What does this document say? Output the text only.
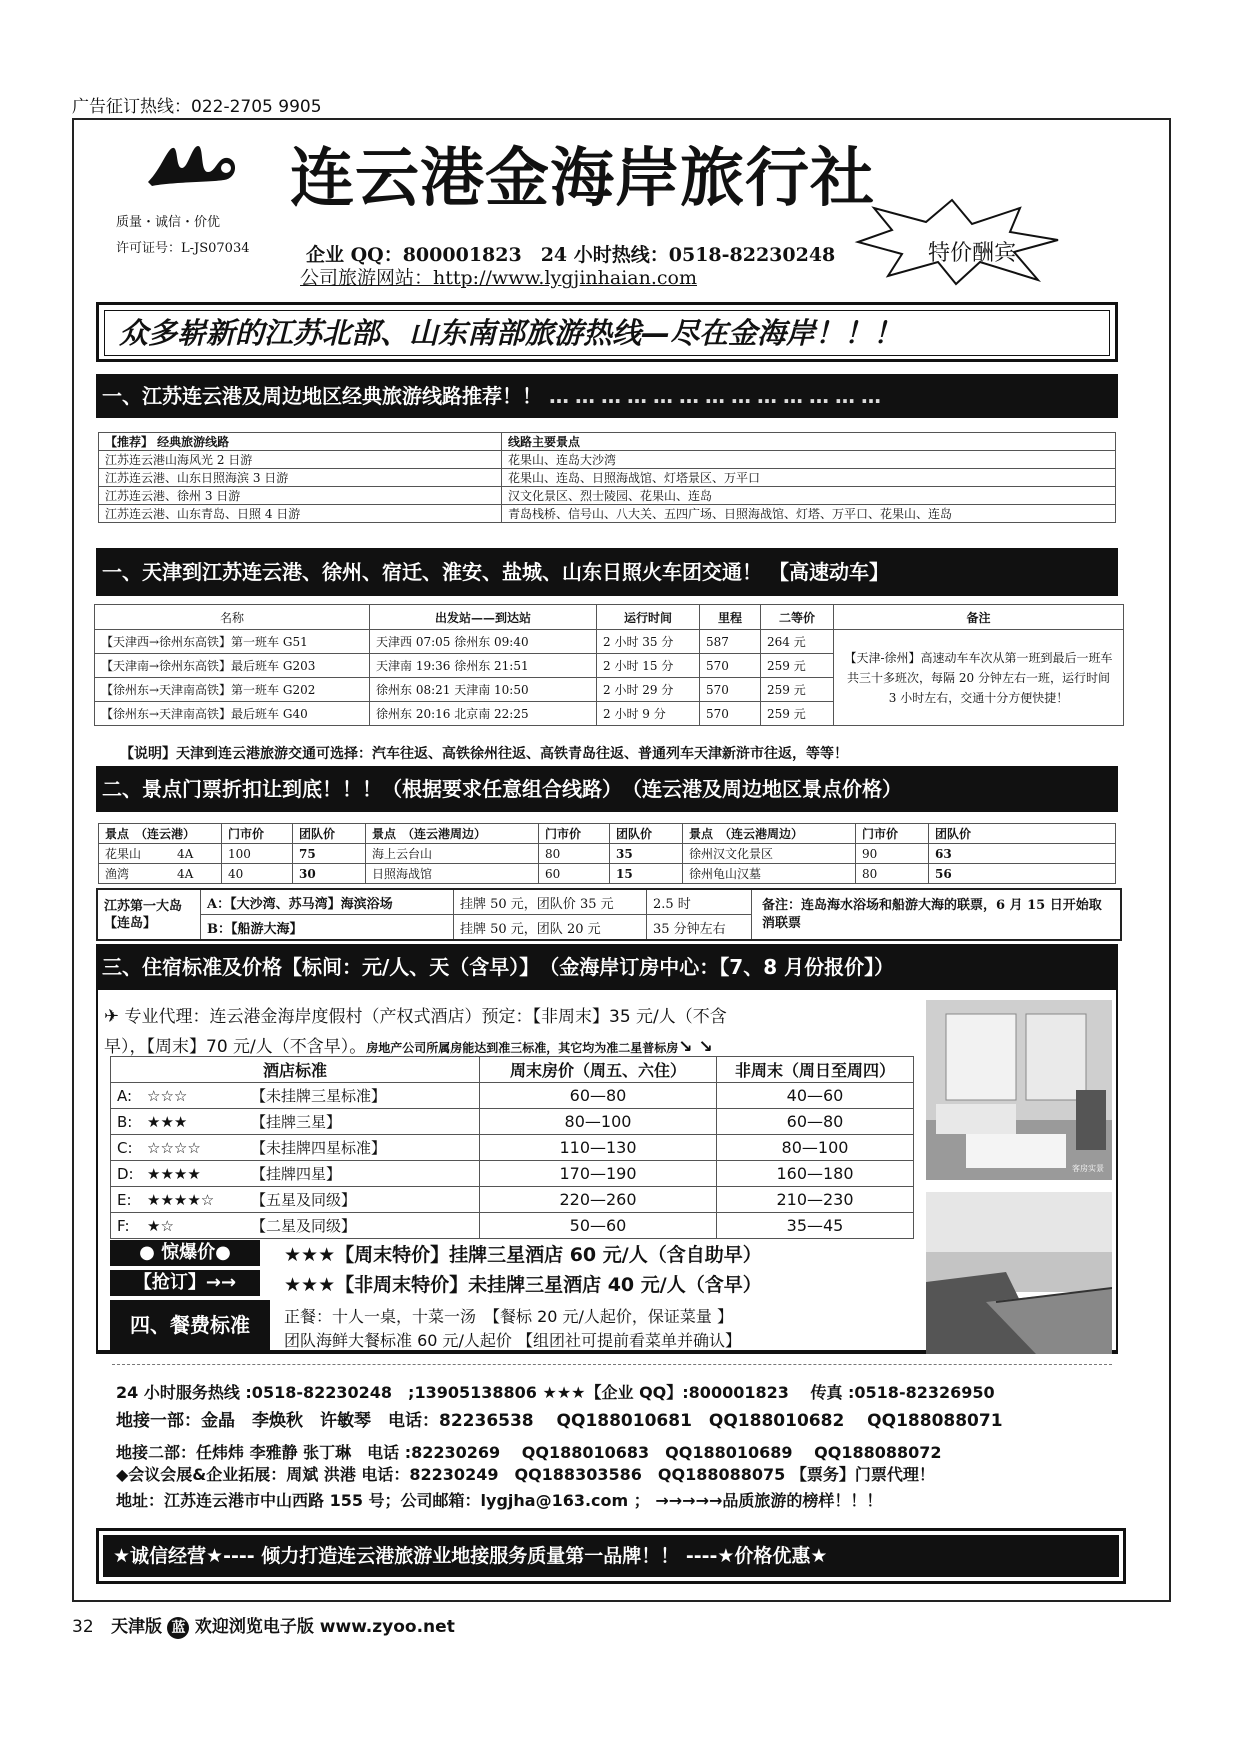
广告征订热线：022-2705 9905
质量・诚信・价优
许可证号：L-JS07034
连云港金海岸旅行社
企业 QQ：800001823　24 小时热线：0518-82230248
公司旅游网站：http://www.lygjinhaian.com
特价酬宾
众多崭新的江苏北部、山东南部旅游热线—尽在金海岸！！！
一、江苏连云港及周边地区经典旅游线路推荐！！ …………………………………
【推荐】 经典旅游线路	线路主要景点
江苏连云港山海风光 2 日游	花果山、连岛大沙湾
江苏连云港、山东日照海滨 3 日游	花果山、连岛、日照海战馆、灯塔景区、万平口
江苏连云港、徐州 3 日游	汉文化景区、烈士陵园、花果山、连岛
江苏连云港、山东青岛、日照 4 日游	青岛栈桥、信号山、八大关、五四广场、日照海战馆、灯塔、万平口、花果山、连岛
一、天津到江苏连云港、徐州、宿迁、淮安、盐城、山东日照火车团交通！ 【高速动车】
名称	出发站——到达站	运行时间	里程	二等价	备注
【天津西→徐州东高铁】第一班车 G51	天津西 07:05 徐州东 09:40	2 小时 35 分	587	264 元	【天津-徐州】高速动车车次从第一班到最后一班车共三十多班次，每隔 20 分钟左右一班，运行时间 3 小时左右，交通十分方便快捷！
【天津南→徐州东高铁】最后班车 G203	天津南 19:36 徐州东 21:51	2 小时 15 分	570	259 元	
【徐州东→天津南高铁】第一班车 G202	徐州东 08:21 天津南 10:50	2 小时 29 分	570	259 元	
【徐州东→天津南高铁】最后班车 G40	徐州东 20:16 北京南 22:25	2 小时 9 分	570	259 元	
【说明】天津到连云港旅游交通可选择：汽车往返、高铁徐州往返、高铁青岛往返、普通列车天津新浒市往返，等等！
二、景点门票折扣让到底！！！（根据要求任意组合线路）　（连云港及周边地区景点价格）
景点　（连云港）	门市价	团队价	景点　（连云港周边）	门市价	团队价	景点　（连云港周边）	门市价	团队价
花果山　　　4A	100	75	海上云台山	80	35	徐州汉文化景区	90	63
渔湾　　　　4A	40	30	日照海战馆	60	15	徐州龟山汉墓	80	56
江苏第一大岛【连岛】	A：【大沙湾、苏马湾】海滨浴场	挂牌 50 元，团队价 35 元	2.5 时	备注：连岛海水浴场和船游大海的联票，6 月 15 日开始取消联票
	B：【船游大海】	挂牌 50 元，团队 20 元	35 分钟左右	
三、住宿标准及价格【标间：元/人、天（含早）】　（金海岸订房中心：【7、8 月份报价】）
✈ 专业代理：连云港金海岸度假村（产权式酒店）预定：【非周末】35 元/人（不含
早），【周末】70 元/人（不含早）。房地产公司所属房能达到准三标准，其它均为准二星普标房↘ ↘
酒店标准	周末房价（周五、六住）	非周末（周日至周四）
A: ☆☆☆ 【未挂牌三星标准】	60—80	40—60
B: ★★★ 【挂牌三星】	80—100	60—80
C: ☆☆☆☆ 【未挂牌四星标准】	110—130	80—100
D: ★★★★ 【挂牌四星】	170—190	160—180
E: ★★★★☆ 【五星及同级】	220—260	210—230
F: ★☆ 【二星及同级】	50—60	35—45
● 惊爆价●
【抢订】→→
四、餐费标准
★★★【周末特价】挂牌三星酒店 60 元/人（含自助早）
★★★【非周末特价】未挂牌三星酒店 40 元/人（含早）
正餐：十人一桌，十菜一汤　【餐标 20 元/人起价，保证菜量 】
团队海鲜大餐标准 60 元/人起价 【组团社可提前看菜单并确认】
客房实景
24 小时服务热线 :0518-82230248　;13905138806 ★★★【企业 QQ】:800001823　 传真 :0518-82326950
地接一部：金晶　李焕秋　许敏琴　电话：82236538　 QQ188010681　QQ188010682　 QQ188088071
地接二部：任炜炜 李雅静 张丁琳　电话 :82230269　 QQ188010683　QQ188010689　 QQ188088072
◆会议会展&企业拓展：周斌 洪港 电话：82230249　QQ188303586　QQ188088075 【票务】门票代理！
地址：江苏连云港市中山西路 155 号；公司邮箱：lygjha@163.com ； →→→→→品质旅游的榜样！！！
★诚信经营★---- 倾力打造连云港旅游业地接服务质量第一品牌！！ ----★价格优惠★
32 天津版 蓝 欢迎浏览电子版 www.zyoo.net
